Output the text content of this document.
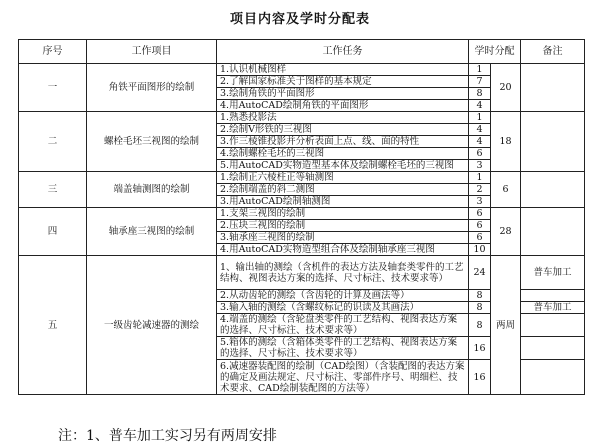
项目内容及学时分配表
序号	工作项目	工作任务	学时分配		备注
一	角铁平面图形的绘制	1.认识机械图样	1	20	
		2.了解国家标准关于图样的基本规定	7		
		3.绘制角铁的平面图形	8		
		4.用AutoCAD绘制角铁的平面图形	4		
二	螺栓毛坯三视图的绘制	1.熟悉投影法	1	18	
		2.绘制V形铁的三视图	4		
		3.作三棱锥投影并分析表面上点、线、面的特性	4		
		4.绘制螺栓毛坯的三视图	6		
		5.用AutoCAD实物造型基本体及绘制螺栓毛坯的三视图	3		
三	端盖轴测图的绘制	1.绘制正六棱柱正等轴测图	1	6	
		2.绘制端盖的斜二测图	2		
		3.用AutoCAD绘制轴测图	3		
四	轴承座三视图的绘制	1.支架三视图的绘制	6	28	
		2.压块三视图的绘制	6		
		3.轴承座三视图的绘制	6		
		4.用AutoCAD实物造型组合体及绘制轴承座三视图	10		
五	一级齿轮减速器的测绘	1、输出轴的测绘（含机件的表达方法及轴套类零件的工艺结构、视图表达方案的选择、尺寸标注、技术要求等）	24	两周	普车加工
		2.从动齿轮的测绘（含齿轮的计算及画法等）	8		
		3.输入轴的测绘（含螺纹标记的识读及其画法）	8		普车加工
		4.端盖的测绘（含轮盘类零件的工艺结构、视图表达方案的选择、尺寸标注、技术要求等）	8		
		5.箱体的测绘（含箱体类零件的工艺结构、视图表达方案的选择、尺寸标注、技术要求等）	16		
		6.减速器装配图的绘制（CAD绘图）（含装配图的表达方案的确定及画法规定、尺寸标注、零部件序号、明细栏、技术要求、CAD绘制装配图的方法等）	16		
注：1、普车加工实习另有两周安排
